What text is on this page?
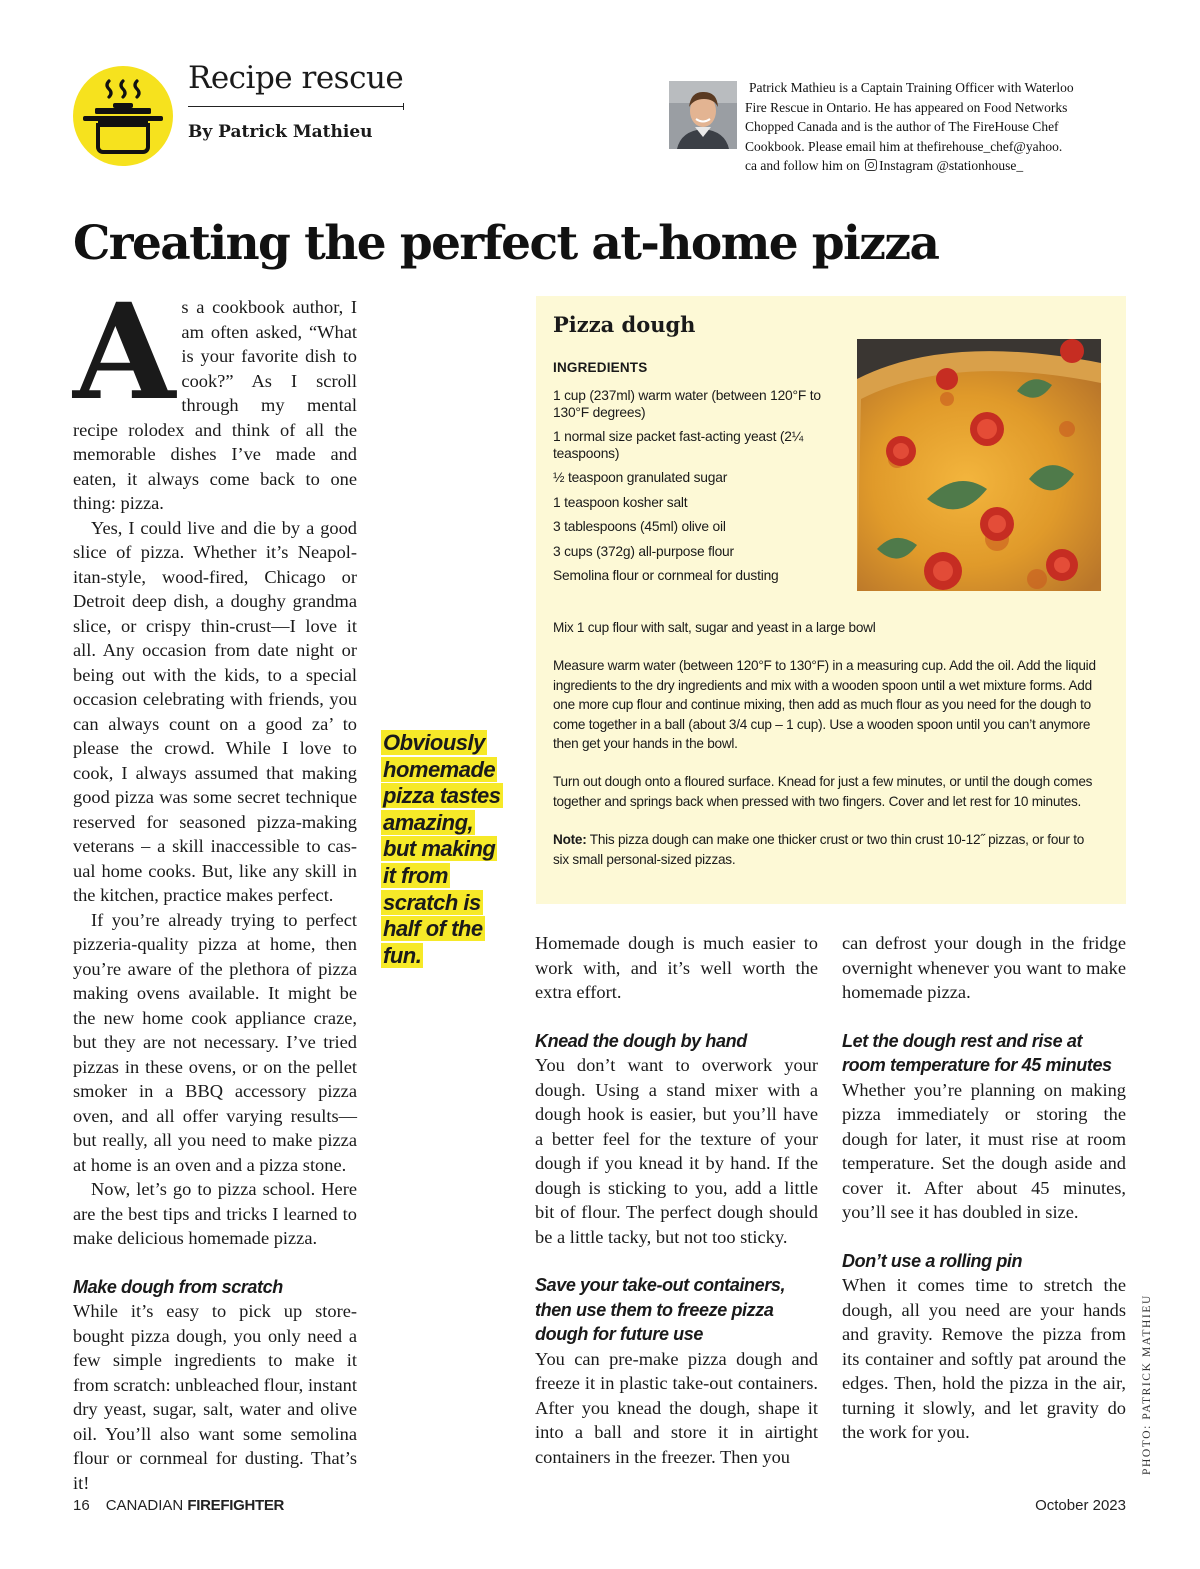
Recipe rescue
By Patrick Mathieu
Patrick Mathieu is a Captain Training Officer with Waterloo
Fire Rescue in Ontario. He has appeared on Food Networks
Chopped Canada and is the author of The FireHouse Chef
Cookbook. Please email him at thefirehouse_chef@yahoo.
ca and follow him on Instagram @stationhouse_
Creating the perfect at-home pizza

As a cookbook author, I am often asked, “What is your favorite dish to cook?” As I scroll through my mental recipe rolodex and think of all the memorable dishes I’ve made and eaten, it always come back to one thing: pizza.

Yes, I could live and die by a good slice of pizza. Whether it’s Neapolitan-style, wood-fired, Chicago or Detroit deep dish, a doughy grandma slice, or crispy thin-crust—I love it all. Any occasion from date night or being out with the kids, to a special occasion celebrating with friends, you can always count on a good za’ to please the crowd. While I love to cook, I always assumed that making good pizza was some secret technique reserved for seasoned pizza-making veterans – a skill inaccessible to casual home cooks. But, like any skill in the kitchen, practice makes perfect.

If you’re already trying to perfect pizzeria-quality pizza at home, then you’re aware of the plethora of pizza making ovens available. It might be the new home cook appliance craze, but they are not necessary. I’ve tried pizzas in these ovens, or on the pellet smoker in a BBQ accessory pizza oven, and all offer varying results—but really, all you need to make pizza at home is an oven and a pizza stone.

Now, let’s go to pizza school. Here are the best tips and tricks I learned to make delicious homemade pizza.

Make dough from scratch

While it’s easy to pick up store-bought pizza dough, you only need a few simple ingredients to make it from scratch: unbleached flour, instant dry yeast, sugar, salt, water and olive oil. You’ll also want some semolina flour or cornmeal for dusting. That’s it!

Obviously
homemade
pizza tastes
amazing,
but making
it from
scratch is
half of the
fun.
Pizza dough
INGREDIENTS
1 cup (237ml) warm water (between 120°F to 130°F degrees)
1 normal size packet fast-acting yeast (2¼ teaspoons)
½ teaspoon granulated sugar
1 teaspoon kosher salt
3 tablespoons (45ml) olive oil
3 cups (372g) all-purpose flour
Semolina flour or cornmeal for dusting

Mix 1 cup flour with salt, sugar and yeast in a large bowl

Measure warm water (between 120°F to 130°F) in a measuring cup. Add the oil. Add the liquid ingredients to the dry ingredients and mix with a wooden spoon until a wet mixture forms. Add one more cup flour and continue mixing, then add as much flour as you need for the dough to come together in a ball (about 3/4 cup – 1 cup). Use a wooden spoon until you can’t anymore then get your hands in the bowl.

Turn out dough onto a floured surface. Knead for just a few minutes, or until the dough comes together and springs back when pressed with two fingers. Cover and let rest for 10 minutes.

Note: This pizza dough can make one thicker crust or two thin crust 10-12˝ pizzas, or four to six small personal-sized pizzas.

Homemade dough is much easier to work with, and it’s well worth the extra effort.

Knead the dough by hand

You don’t want to overwork your dough. Using a stand mixer with a dough hook is easier, but you’ll have a better feel for the texture of your dough if you knead it by hand. If the dough is sticking to you, add a little bit of flour. The perfect dough should be a little tacky, but not too sticky.

Save your take-out containers, then use them to freeze pizza dough for future use

You can pre-make pizza dough and freeze it in plastic take-out containers. After you knead the dough, shape it into a ball and store it in airtight containers in the freezer. Then you

can defrost your dough in the fridge overnight whenever you want to make homemade pizza.

Let the dough rest and rise at room temperature for 45 minutes

Whether you’re planning on making pizza immediately or storing the dough for later, it must rise at room temperature. Set the dough aside and cover it. After about 45 minutes, you’ll see it has doubled in size.

Don’t use a rolling pin

When it comes time to stretch the dough, all you need are your hands and gravity. Remove the pizza from its container and softly pat around the edges. Then, hold the pizza in the air, turning it slowly, and let gravity do the work for you.

16 CANADIAN FIREFIGHTER	October 2023
PHOTO: PATRICK MATHIEU
